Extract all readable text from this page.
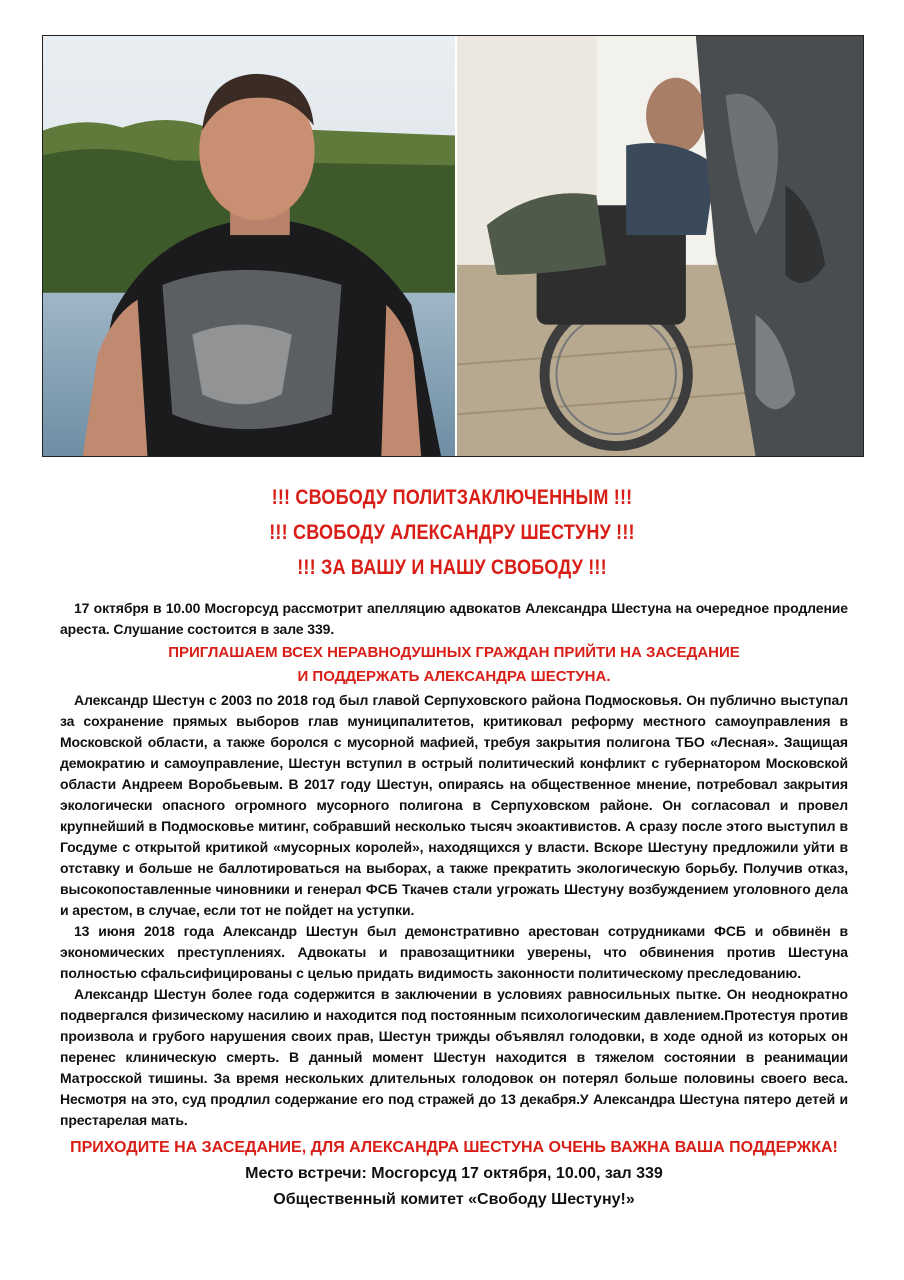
!!! СВОБОДУ ПОЛИТЗАКЛЮЧЕННЫМ !!!
!!! СВОБОДУ АЛЕКСАНДРУ ШЕСТУНУ !!!
!!! ЗА ВАШУ И НАШУ СВОБОДУ !!!

17 октября в 10.00 Мосгорсуд рассмотрит апелляцию адвокатов Александра Шестуна на очередное продление ареста. Слушание состоится в зале 339.

ПРИГЛАШАЕМ ВСЕХ НЕРАВНОДУШНЫХ ГРАЖДАН ПРИЙТИ НА ЗАСЕДАНИЕ
И ПОДДЕРЖАТЬ АЛЕКСАНДРА ШЕСТУНА.

Александр Шестун с 2003 по 2018 год был главой Серпуховского района Подмосковья. Он публично выступал за сохранение прямых выборов глав муниципалитетов, критиковал реформу местного самоуправления в Московской области, а также боролся с мусорной мафией, требуя закрытия полигона ТБО «Лесная». Защищая демократию и самоуправление, Шестун вступил в острый политический конфликт с губернатором Московской области Андреем Воробьевым. В 2017 году Шестун, опираясь на общественное мнение, потребовал закрытия экологически опасного огромного мусорного полигона в Серпуховском районе. Он согласовал и провел крупнейший в Подмосковье митинг, собравший несколько тысяч экоактивистов. А сразу после этого выступил в Госдуме с открытой критикой «мусорных королей», находящихся у власти. Вскоре Шестуну предложили уйти в отставку и больше не баллотироваться на выборах, а также прекратить экологическую борьбу. Получив отказ, высокопоставленные чиновники и генерал ФСБ Ткачев стали угрожать Шестуну возбуждением уголовного дела и арестом, в случае, если тот не пойдет на уступки.

13 июня 2018 года Александр Шестун был демонстративно арестован сотрудниками ФСБ и обвинён в экономических преступлениях. Адвокаты и правозащитники уверены, что обвинения против Шестуна полностью сфальсифицированы с целью придать видимость законности политическому преследованию.

Александр Шестун более года содержится в заключении в условиях равносильных пытке. Он неоднократно подвергался физическому насилию и находится под постоянным психологическим давлением.Протестуя против произвола и грубого нарушения своих прав, Шестун трижды объявлял голодовки, в ходе одной из которых он перенес клиническую смерть. В данный момент Шестун находится в тяжелом состоянии в реанимации Матросской тишины. За время нескольких длительных голодовок он потерял больше половины своего веса. Несмотря на это, суд продлил содержание его под стражей до 13 декабря.У Александра Шестуна пятеро детей и престарелая мать.

ПРИХОДИТЕ НА ЗАСЕДАНИЕ, ДЛЯ АЛЕКСАНДРА ШЕСТУНА ОЧЕНЬ ВАЖНА ВАША ПОДДЕРЖКА!
Место встречи: Мосгорсуд 17 октября, 10.00, зал 339
Общественный комитет «Свободу Шестуну!»
